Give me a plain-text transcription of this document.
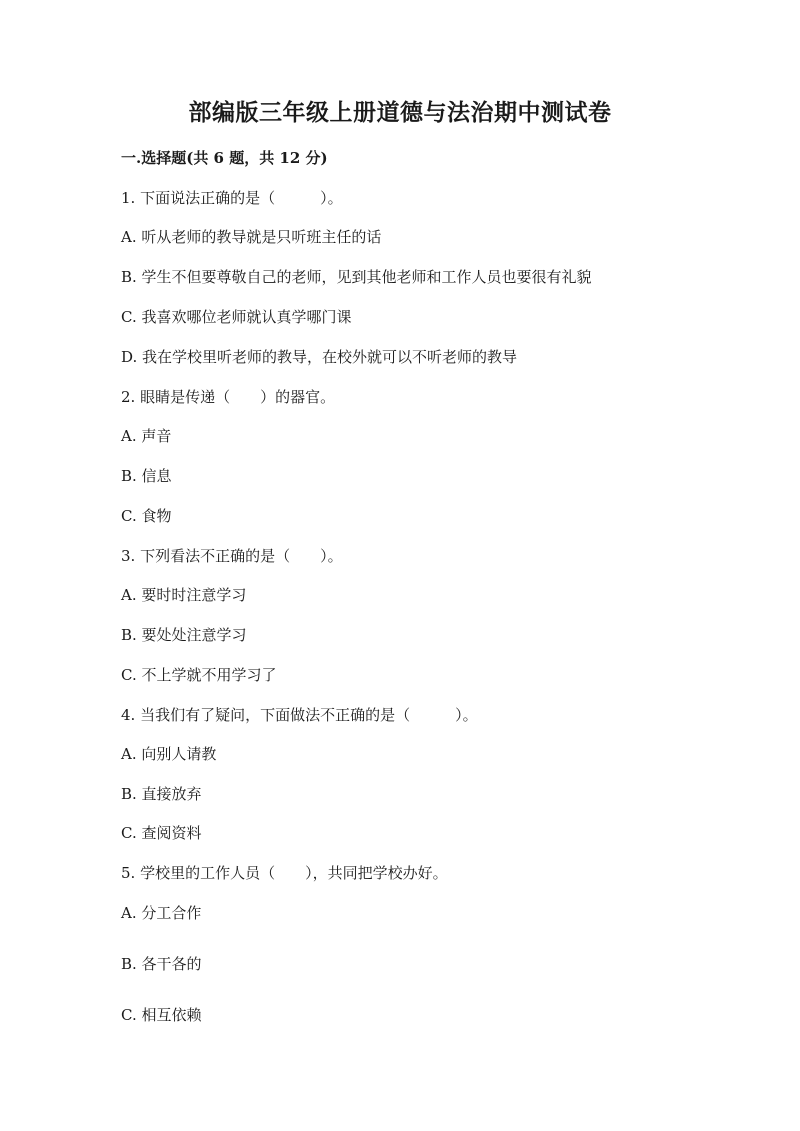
部编版三年级上册道德与法治期中测试卷
一.选择题(共 6 题，共 12 分)
1. 下面说法正确的是（　　　）。
A. 听从老师的教导就是只听班主任的话
B. 学生不但要尊敬自己的老师，见到其他老师和工作人员也要很有礼貌
C. 我喜欢哪位老师就认真学哪门课
D. 我在学校里听老师的教导，在校外就可以不听老师的教导
2. 眼睛是传递（　　）的器官。
A. 声音
B. 信息
C. 食物
3. 下列看法不正确的是（　　）。
A. 要时时注意学习
B. 要处处注意学习
C. 不上学就不用学习了
4. 当我们有了疑问，下面做法不正确的是（　　　）。
A. 向别人请教
B. 直接放弃
C. 查阅资料
5. 学校里的工作人员（　　），共同把学校办好。
A. 分工合作
B. 各干各的
C. 相互依赖
